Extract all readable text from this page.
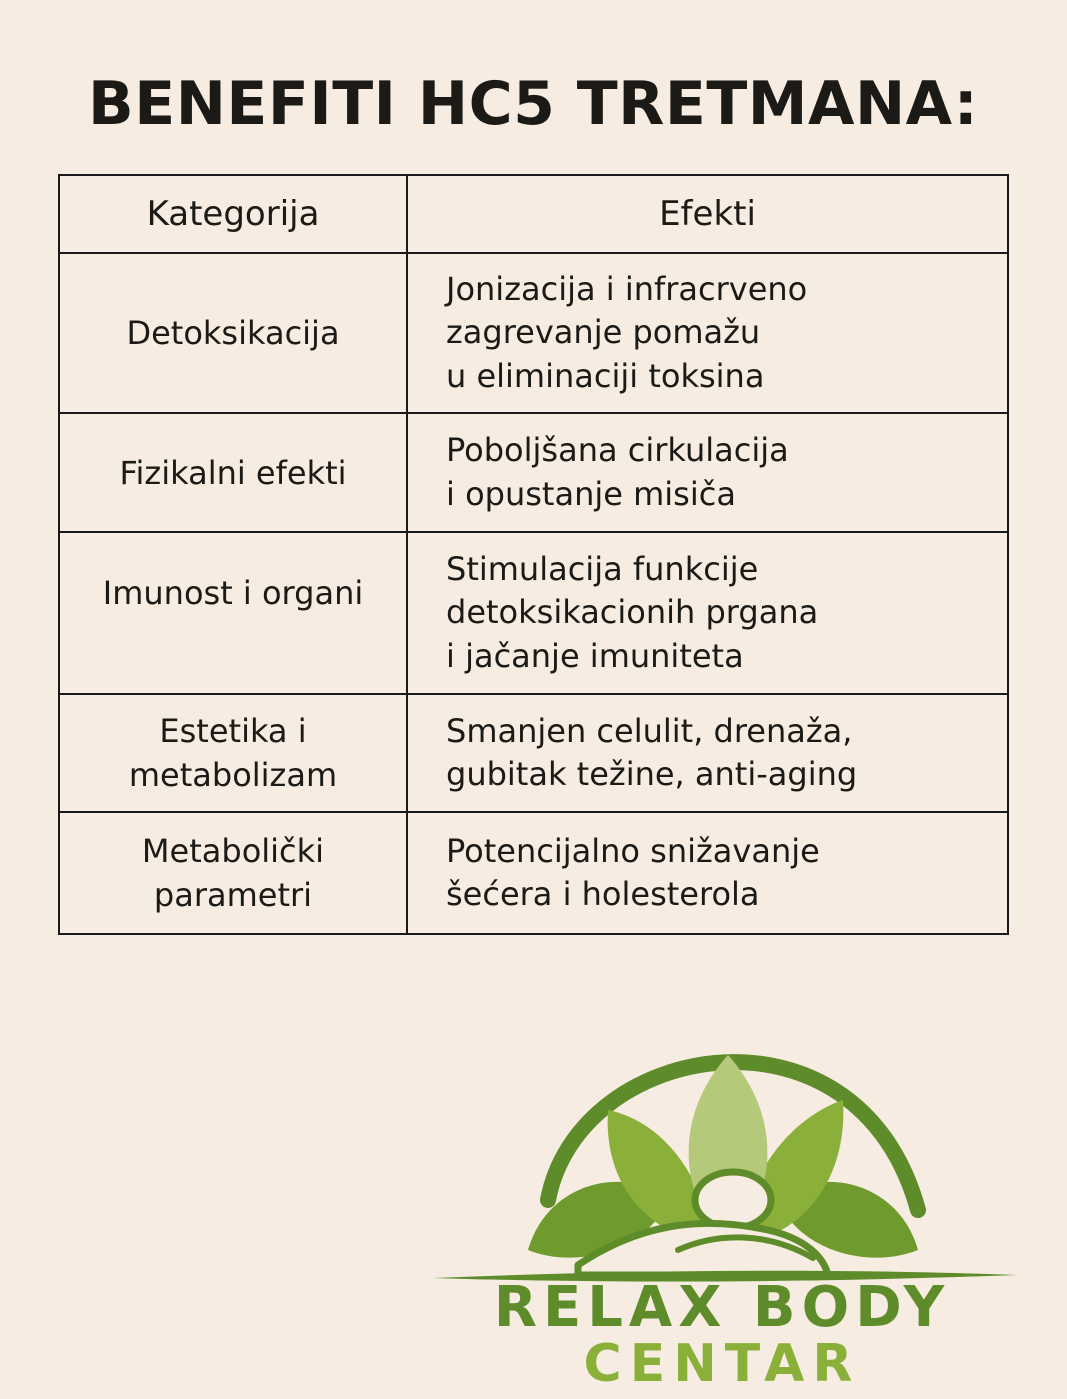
BENEFITI HC5 TRETMANA:
Kategorija	Efekti

Detoksikacija	Jonizacija i infracrveno
zagrevanje pomažu
u eliminaciji toksina

Fizikalni efekti	Poboljšana cirkulacija
i opustanje misiča

Imunost i organi	Stimulacija funkcije
detoksikacionih prgana
i jačanje imuniteta

Estetika i
metabolizam	Smanjen celulit, drenaža,
gubitak težine, anti-aging

Metabolički
parametri	Potencijalno snižavanje
šećera i holesterola
RELAX BODY
CENTAR
